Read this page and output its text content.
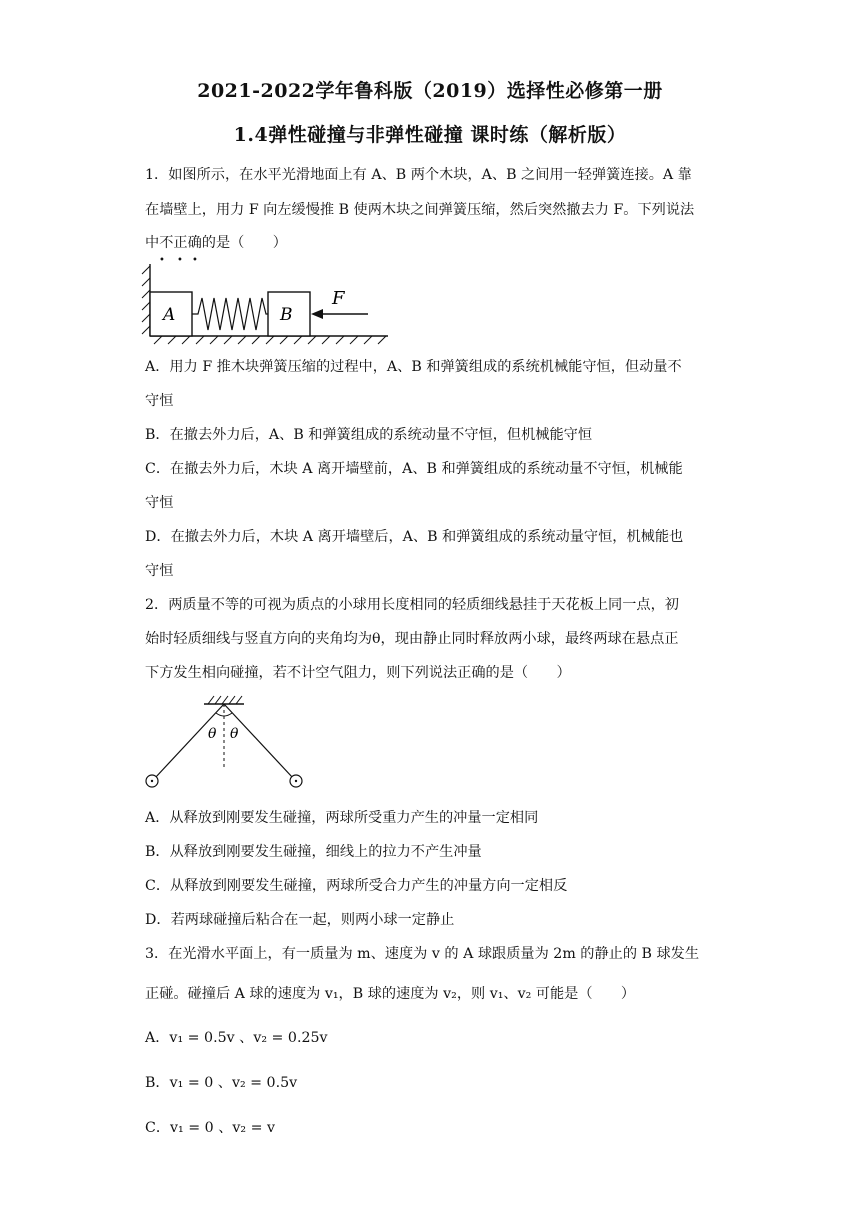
2021-2022学年鲁科版（2019）选择性必修第一册
1.4弹性碰撞与非弹性碰撞 课时练（解析版）
1．如图所示，在水平光滑地面上有 A、B 两个木块，A、B 之间用一轻弹簧连接。A 靠
在墙壁上，用力 F 向左缓慢推 B 使两木块之间弹簧压缩，然后突然撤去力 F。下列说法
中不正确的是（　　）
• • •
A	B
F
A．用力 F 推木块弹簧压缩的过程中，A、B 和弹簧组成的系统机械能守恒，但动量不
守恒
B．在撤去外力后，A、B 和弹簧组成的系统动量不守恒，但机械能守恒
C．在撤去外力后，木块 A 离开墙壁前，A、B 和弹簧组成的系统动量不守恒，机械能
守恒
D．在撤去外力后，木块 A 离开墙壁后，A、B 和弹簧组成的系统动量守恒，机械能也
守恒
2．两质量不等的可视为质点的小球用长度相同的轻质细线悬挂于天花板上同一点，初
始时轻质细线与竖直方向的夹角均为θ，现由静止同时释放两小球，最终两球在悬点正
下方发生相向碰撞，若不计空气阻力，则下列说法正确的是（　　）
θ θ
A．从释放到刚要发生碰撞，两球所受重力产生的冲量一定相同
B．从释放到刚要发生碰撞，细线上的拉力不产生冲量
C．从释放到刚要发生碰撞，两球所受合力产生的冲量方向一定相反
D．若两球碰撞后粘合在一起，则两小球一定静止
3．在光滑水平面上，有一质量为 m、速度为 v 的 A 球跟质量为 2m 的静止的 B 球发生
正碰。碰撞后 A 球的速度为 v₁，B 球的速度为 v₂，则 v₁、v₂ 可能是（　　）
A．v₁ = 0.5v 、v₂ = 0.25v
B．v₁ = 0 、v₂ = 0.5v
C．v₁ = 0 、v₂ = v
